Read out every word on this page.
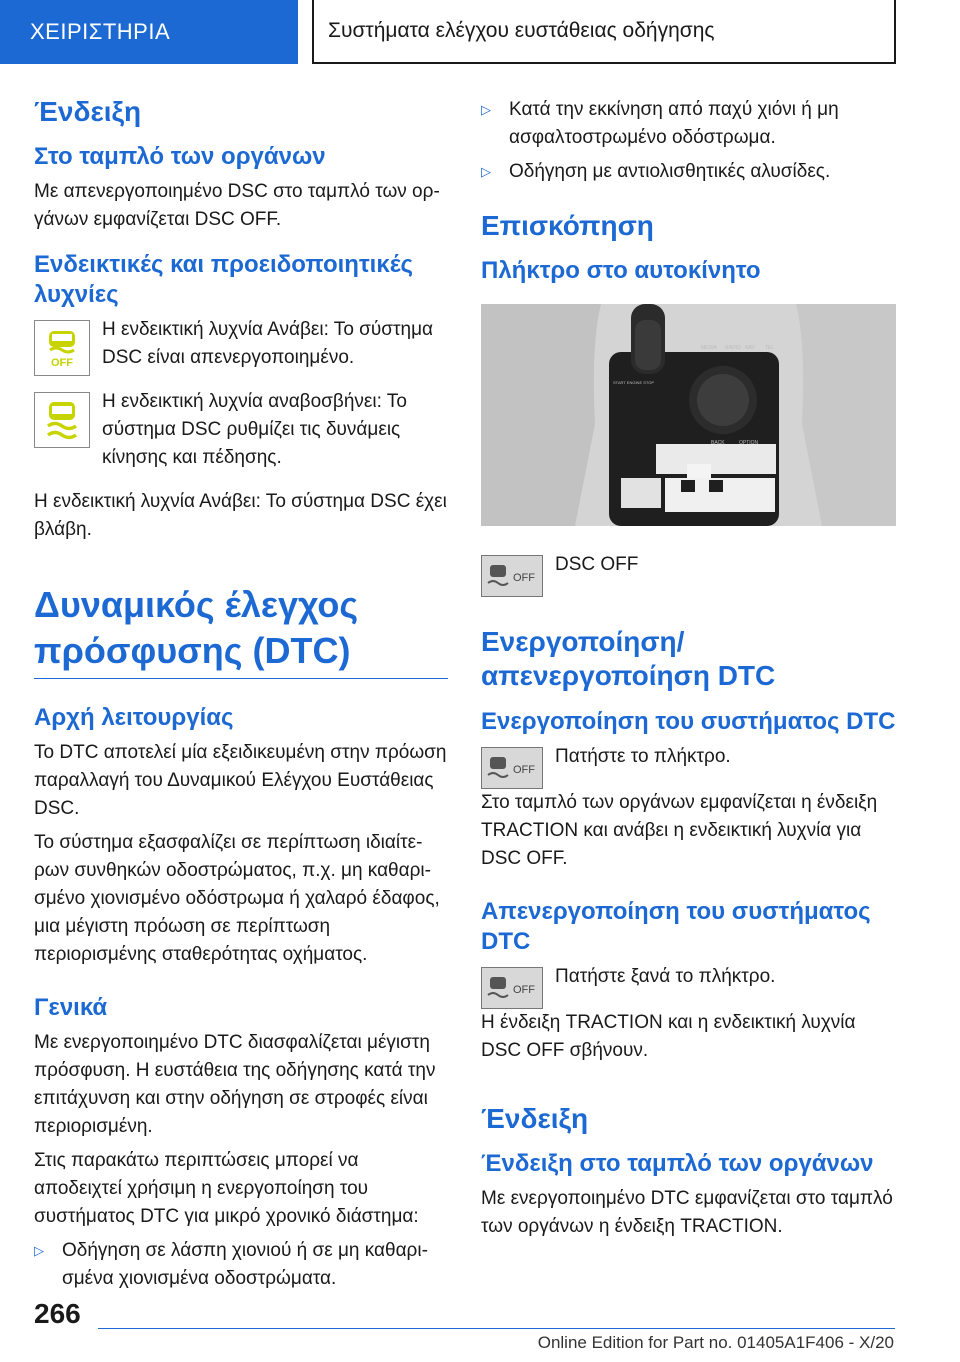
ΧΕΙΡΙΣΤΗΡΙΑ	Συστήματα ελέγχου ευστάθειας οδήγησης
Ένδειξη
Στο ταμπλό των οργάνων

Με απενεργοποιημένο DSC στο ταμπλό των οργάνων εμφανίζεται DSC OFF.

Ενδεικτικές και προειδοποιητικές λυχνίες
OFF

Η ενδεικτική λυχνία Ανάβει: Το σύστημα DSC είναι απενεργοποιημένο.

Η ενδεικτική λυχνία αναβοσβήνει: Το σύστημα DSC ρυθμίζει τις δυνάμεις κίνησης και πέδησης.

Η ενδεικτική λυχνία Ανάβει: Το σύστημα DSC έχει βλάβη.

Δυναμικός έλεγχος πρόσφυσης (DTC)
Αρχή λειτουργίας

Το DTC αποτελεί μία εξειδικευμένη στην πρόωση παραλλαγή του Δυναμικού Ελέγχου Ευστάθειας DSC.

Το σύστημα εξασφαλίζει σε περίπτωση ιδιαίτερων συνθηκών οδοστρώματος, π.χ. μη καθαρισμένο χιονισμένο οδόστρωμα ή χαλαρό έδαφος, μια μέγιστη πρόωση σε περίπτωση περιορισμένης σταθερότητας οχήματος.

Γενικά

Με ενεργοποιημένο DTC διασφαλίζεται μέγιστη πρόσφυση. Η ευστάθεια της οδήγησης κατά την επιτάχυνση και στην οδήγηση σε στροφές είναι περιορισμένη.

Στις παρακάτω περιπτώσεις μπορεί να αποδειχτεί χρήσιμη η ενεργοποίηση του συστήματος DTC για μικρό χρονικό διάστημα:

▷ Οδήγηση σε λάσπη χιονιού ή σε μη καθαρισμένα χιονισμένα οδοστρώματα.

▷ Κατά την εκκίνηση από παχύ χιόνι ή μη ασφαλτοστρωμένο οδόστρωμα.

▷ Οδήγηση με αντιολισθητικές αλυσίδες.

Επισκόπηση
Πλήκτρο στο αυτοκίνητο
MEDIA RADIO NAV TEL
BACK	OPTION
START ENGINE STOP
OFF

DSC OFF

Ενεργοποίηση/απενεργοποίηση DTC
Ενεργοποίηση του συστήματος DTC
OFF

Πατήστε το πλήκτρο.

Στο ταμπλό των οργάνων εμφανίζεται η ένδειξη TRACTION και ανάβει η ενδεικτική λυχνία για DSC OFF.

Απενεργοποίηση του συστήματος DTC
OFF

Πατήστε ξανά το πλήκτρο.

Η ένδειξη TRACTION και η ενδεικτική λυχνία DSC OFF σβήνουν.

Ένδειξη
Ένδειξη στο ταμπλό των οργάνων

Με ενεργοποιημένο DTC εμφανίζεται στο ταμπλό των οργάνων η ένδειξη TRACTION.

266
Online Edition for Part no. 01405A1F406 - X/20
